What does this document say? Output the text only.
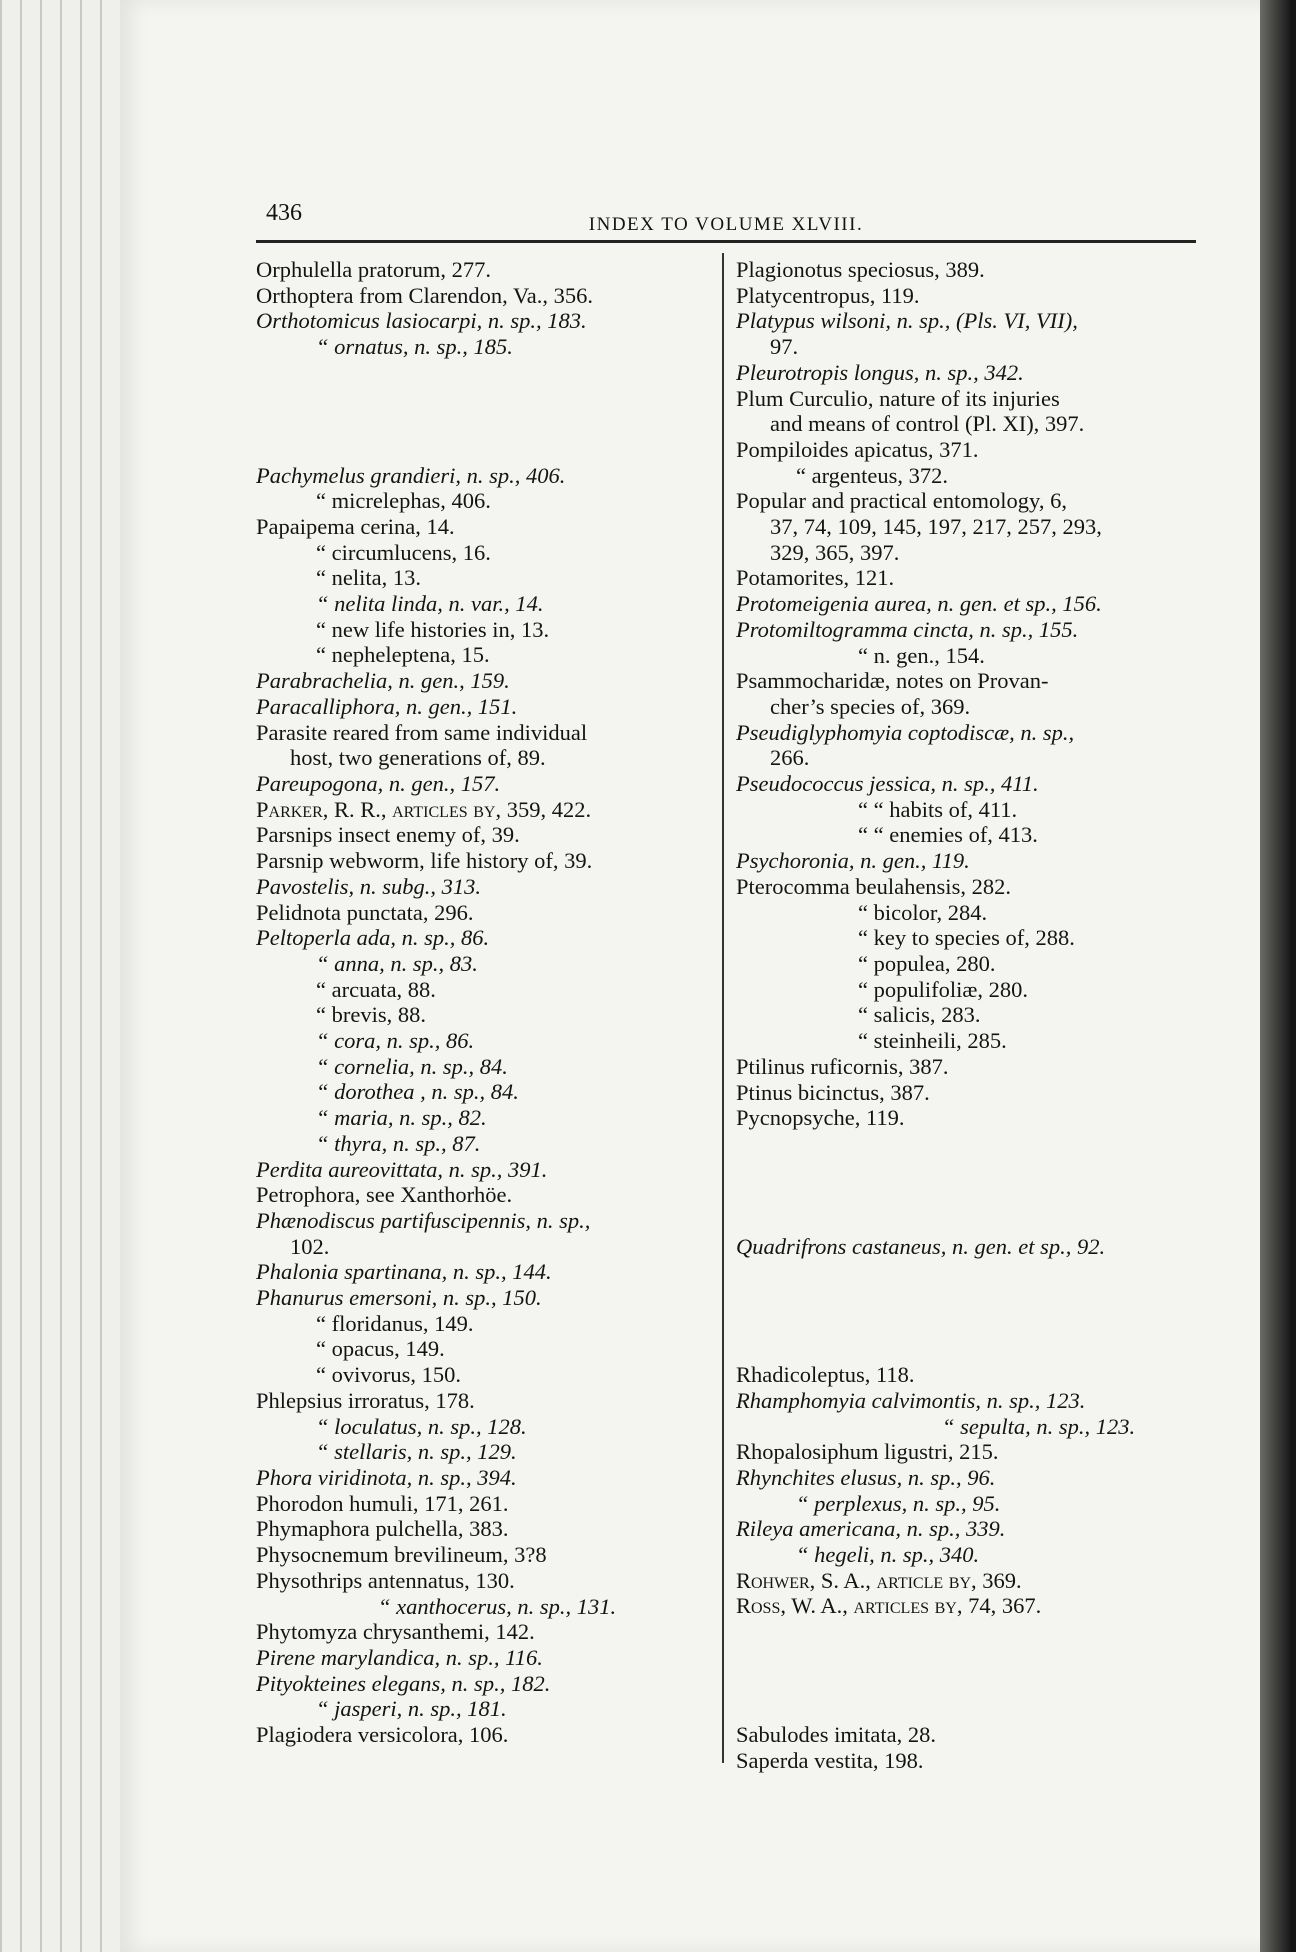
436	INDEX TO VOLUME XLVIII.
Orphulella pratorum, 277.
Orthoptera from Clarendon, Va., 356.
Orthotomicus lasiocarpi, n. sp., 183.
“ ornatus, n. sp., 185.
Pachymelus grandieri, n. sp., 406.
“ micrelephas, 406.
Papaipema cerina, 14.
“ circumlucens, 16.
“ nelita, 13.
“ nelita linda, n. var., 14.
“ new life histories in, 13.
“ nepheleptena, 15.
Parabrachelia, n. gen., 159.
Paracalliphora, n. gen., 151.
Parasite reared from same individual
host, two generations of, 89.
Pareupogona, n. gen., 157.
Parker, R. R., articles by, 359, 422.
Parsnips insect enemy of, 39.
Parsnip webworm, life history of, 39.
Pavostelis, n. subg., 313.
Pelidnota punctata, 296.
Peltoperla ada, n. sp., 86.
“ anna, n. sp., 83.
“ arcuata, 88.
“ brevis, 88.
“ cora, n. sp., 86.
“ cornelia, n. sp., 84.
“ dorothea , n. sp., 84.
“ maria, n. sp., 82.
“ thyra, n. sp., 87.
Perdita aureovittata, n. sp., 391.
Petrophora, see Xanthorhöe.
Phænodiscus partifuscipennis, n. sp.,
102.
Phalonia spartinana, n. sp., 144.
Phanurus emersoni, n. sp., 150.
“ floridanus, 149.
“ opacus, 149.
“ ovivorus, 150.
Phlepsius irroratus, 178.
“ loculatus, n. sp., 128.
“ stellaris, n. sp., 129.
Phora viridinota, n. sp., 394.
Phorodon humuli, 171, 261.
Phymaphora pulchella, 383.
Physocnemum brevilineum, 3?8
Physothrips antennatus, 130.
“ xanthocerus, n. sp., 131.
Phytomyza chrysanthemi, 142.
Pirene marylandica, n. sp., 116.
Pityokteines elegans, n. sp., 182.
“ jasperi, n. sp., 181.
Plagiodera versicolora, 106.
Plagionotus speciosus, 389.
Platycentropus, 119.
Platypus wilsoni, n. sp., (Pls. VI, VII),
97.
Pleurotropis longus, n. sp., 342.
Plum Curculio, nature of its injuries
and means of control (Pl. XI), 397.
Pompiloides apicatus, 371.
“ argenteus, 372.
Popular and practical entomology, 6,
37, 74, 109, 145, 197, 217, 257, 293,
329, 365, 397.
Potamorites, 121.
Protomeigenia aurea, n. gen. et sp., 156.
Protomiltogramma cincta, n. sp., 155.
“ n. gen., 154.
Psammocharidæ, notes on Provan-
cher’s species of, 369.
Pseudiglyphomyia coptodiscæ, n. sp.,
266.
Pseudococcus jessica, n. sp., 411.
“ “ habits of, 411.
“ “ enemies of, 413.
Psychoronia, n. gen., 119.
Pterocomma beulahensis, 282.
“ bicolor, 284.
“ key to species of, 288.
“ populea, 280.
“ populifoliæ, 280.
“ salicis, 283.
“ steinheili, 285.
Ptilinus ruficornis, 387.
Ptinus bicinctus, 387.
Pycnopsyche, 119.
Quadrifrons castaneus, n. gen. et sp., 92.
Rhadicoleptus, 118.
Rhamphomyia calvimontis, n. sp., 123.
“ sepulta, n. sp., 123.
Rhopalosiphum ligustri, 215.
Rhynchites elusus, n. sp., 96.
“ perplexus, n. sp., 95.
Rileya americana, n. sp., 339.
“ hegeli, n. sp., 340.
Rohwer, S. A., article by, 369.
Ross, W. A., articles by, 74, 367.
Sabulodes imitata, 28.
Saperda vestita, 198.
